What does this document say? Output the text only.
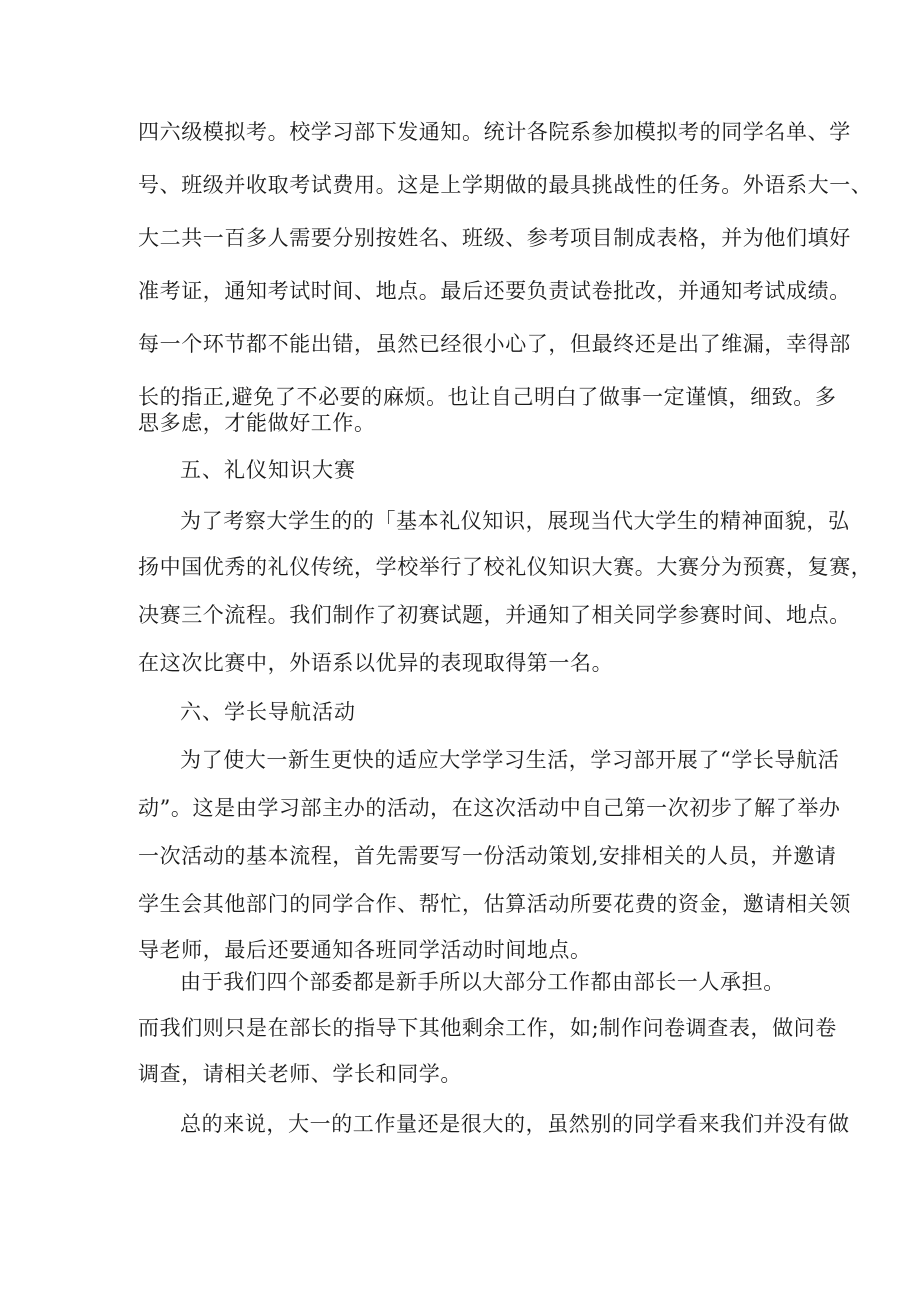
四六级模拟考。校学习部下发通知。统计各院系参加模拟考的同学名单、学
号、班级并收取考试费用。这是上学期做的最具挑战性的任务。外语系大一、
大二共一百多人需要分别按姓名、班级、参考项目制成表格，并为他们填好
准考证，通知考试时间、地点。最后还要负责试卷批改，并通知考试成绩。
每一个环节都不能出错，虽然已经很小心了，但最终还是出了维漏，幸得部
长的指正,避免了不必要的麻烦。也让自己明白了做事一定谨慎，细致。多
思多虑，才能做好工作。
五、礼仪知识大赛
为了考察大学生的的「基本礼仪知识，展现当代大学生的精神面貌，弘
扬中国优秀的礼仪传统，学校举行了校礼仪知识大赛。大赛分为预赛，复赛，
决赛三个流程。我们制作了初赛试题，并通知了相关同学参赛时间、地点。
在这次比赛中，外语系以优异的表现取得第一名。
六、学长导航活动
为了使大一新生更快的适应大学学习生活，学习部开展了“学长导航活
动”。这是由学习部主办的活动，在这次活动中自己第一次初步了解了举办
一次活动的基本流程，首先需要写一份活动策划,安排相关的人员，并邀请
学生会其他部门的同学合作、帮忙，估算活动所要花费的资金，邀请相关领
导老师，最后还要通知各班同学活动时间地点。
由于我们四个部委都是新手所以大部分工作都由部长一人承担。
而我们则只是在部长的指导下其他剩余工作，如;制作问卷调查表，做问卷
调查，请相关老师、学长和同学。
总的来说，大一的工作量还是很大的，虽然别的同学看来我们并没有做
